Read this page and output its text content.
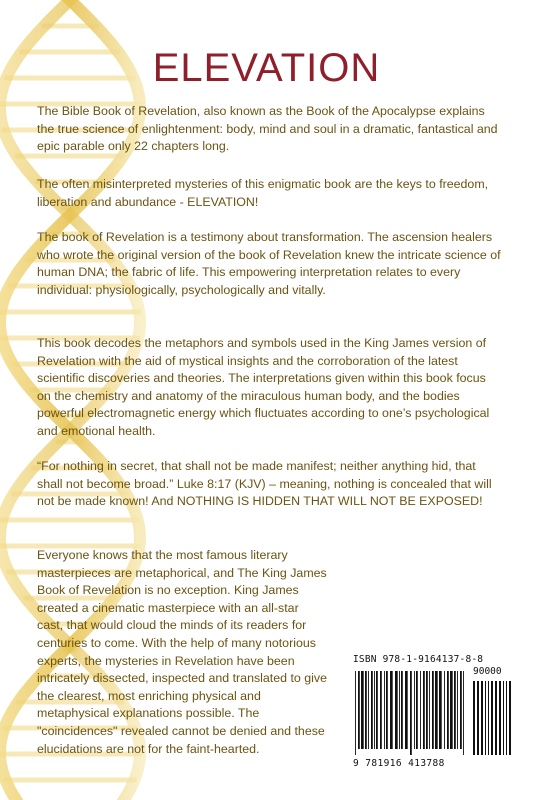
ELEVATION

The Bible Book of Revelation, also known as the Book of the Apocalypse explains the true science of enlightenment: body, mind and soul in a dramatic, fantastical and epic parable only 22 chapters long.

The often misinterpreted mysteries of this enigmatic book are the keys to freedom, liberation and abundance - ELEVATION!

The book of Revelation is a testimony about transformation. The ascension healers who wrote the original version of the book of Revelation knew the intricate science of human DNA; the fabric of life. This empowering interpretation relates to every individual: physiologically, psychologically and vitally.

This book decodes the metaphors and symbols used in the King James version of Revelation with the aid of mystical insights and the corroboration of the latest scientific discoveries and theories. The interpretations given within this book focus on the chemistry and anatomy of the miraculous human body, and the bodies powerful electromagnetic energy which fluctuates according to one’s psychological and emotional health.

“For nothing in secret, that shall not be made manifest; neither anything hid, that shall not become broad.” Luke 8:17 (KJV) – meaning, nothing is concealed that will not be made known! And NOTHING IS HIDDEN THAT WILL NOT BE EXPOSED!

Everyone knows that the most famous literary masterpieces are metaphorical, and The King James Book of Revelation is no exception. King James created a cinematic masterpiece with an all-star cast, that would cloud the minds of its readers for centuries to come. With the help of many notorious experts, the mysteries in Revelation have been intricately dissected, inspected and translated to give the clearest, most enriching physical and metaphysical explanations possible. The "coincidences" revealed cannot be denied and these elucidations are not for the faint-hearted.

ISBN 978-1-9164137-8-8
90000
9 781916 413788
